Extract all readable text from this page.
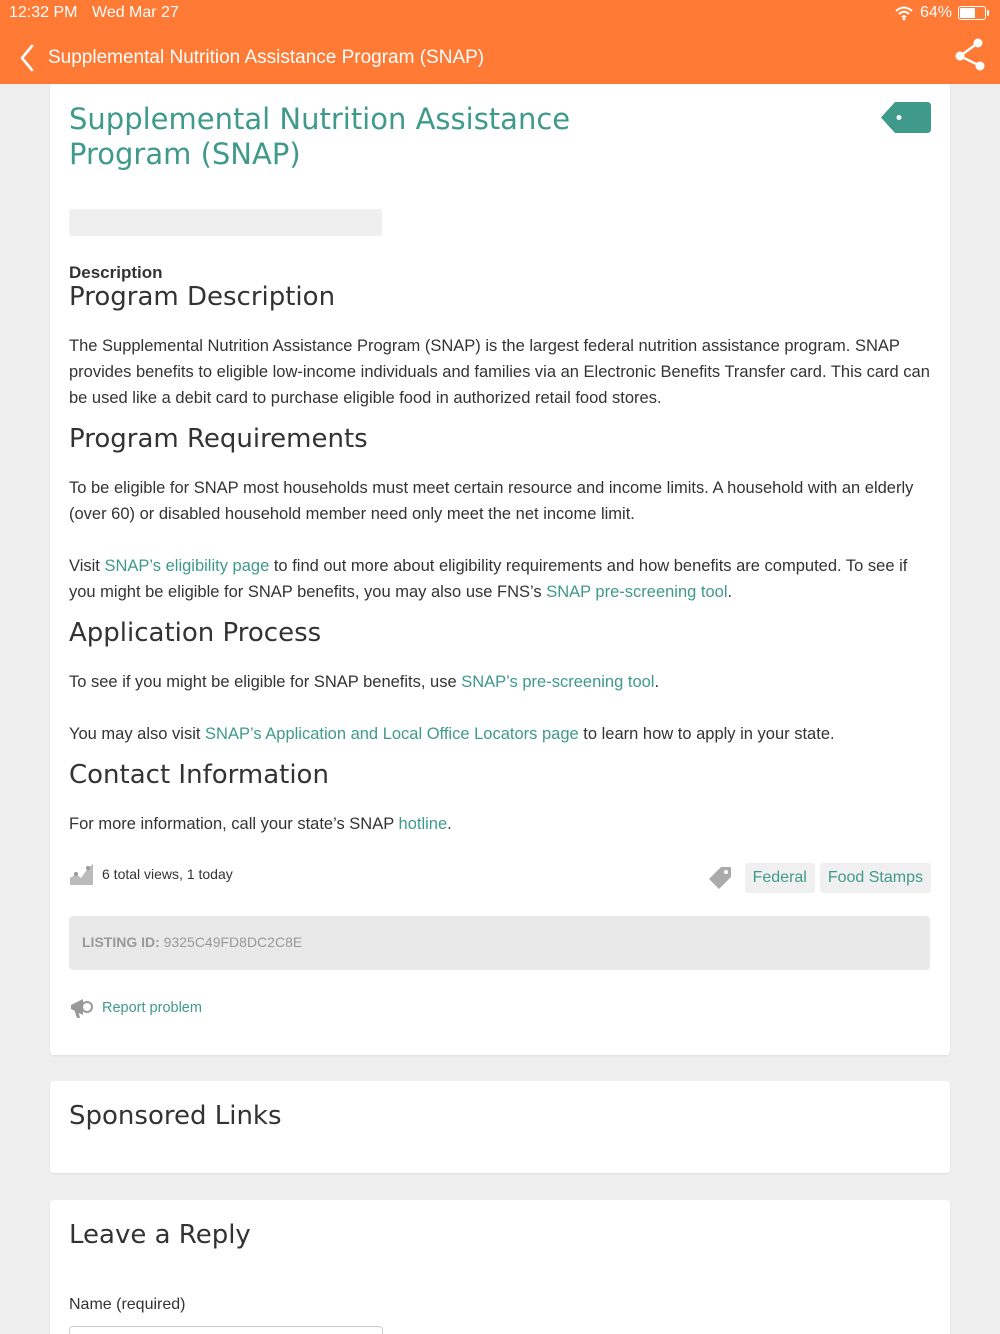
12:32 PM Wed Mar 27	64%
Supplemental Nutrition Assistance Program (SNAP)
Supplemental Nutrition Assistance Program (SNAP)
Description
Program Description

The Supplemental Nutrition Assistance Program (SNAP) is the largest federal nutrition assistance program. SNAP provides benefits to eligible low-income individuals and families via an Electronic Benefits Transfer card. This card can be used like a debit card to purchase eligible food in authorized retail food stores.

Program Requirements

To be eligible for SNAP most households must meet certain resource and income limits. A household with an elderly (over 60) or disabled household member need only meet the net income limit.

Visit SNAP’s eligibility page to find out more about eligibility requirements and how benefits are computed. To see if you might be eligible for SNAP benefits, you may also use FNS’s SNAP pre-screening tool.

Application Process

To see if you might be eligible for SNAP benefits, use SNAP’s pre-screening tool.

You may also visit SNAP’s Application and Local Office Locators page to learn how to apply in your state.

Contact Information

For more information, call your state’s SNAP hotline.

6 total views, 1 today	Federal	Food Stamps
LISTING ID: 9325C49FD8DC2C8E
Report problem
Sponsored Links
Leave a Reply
Name (required)
